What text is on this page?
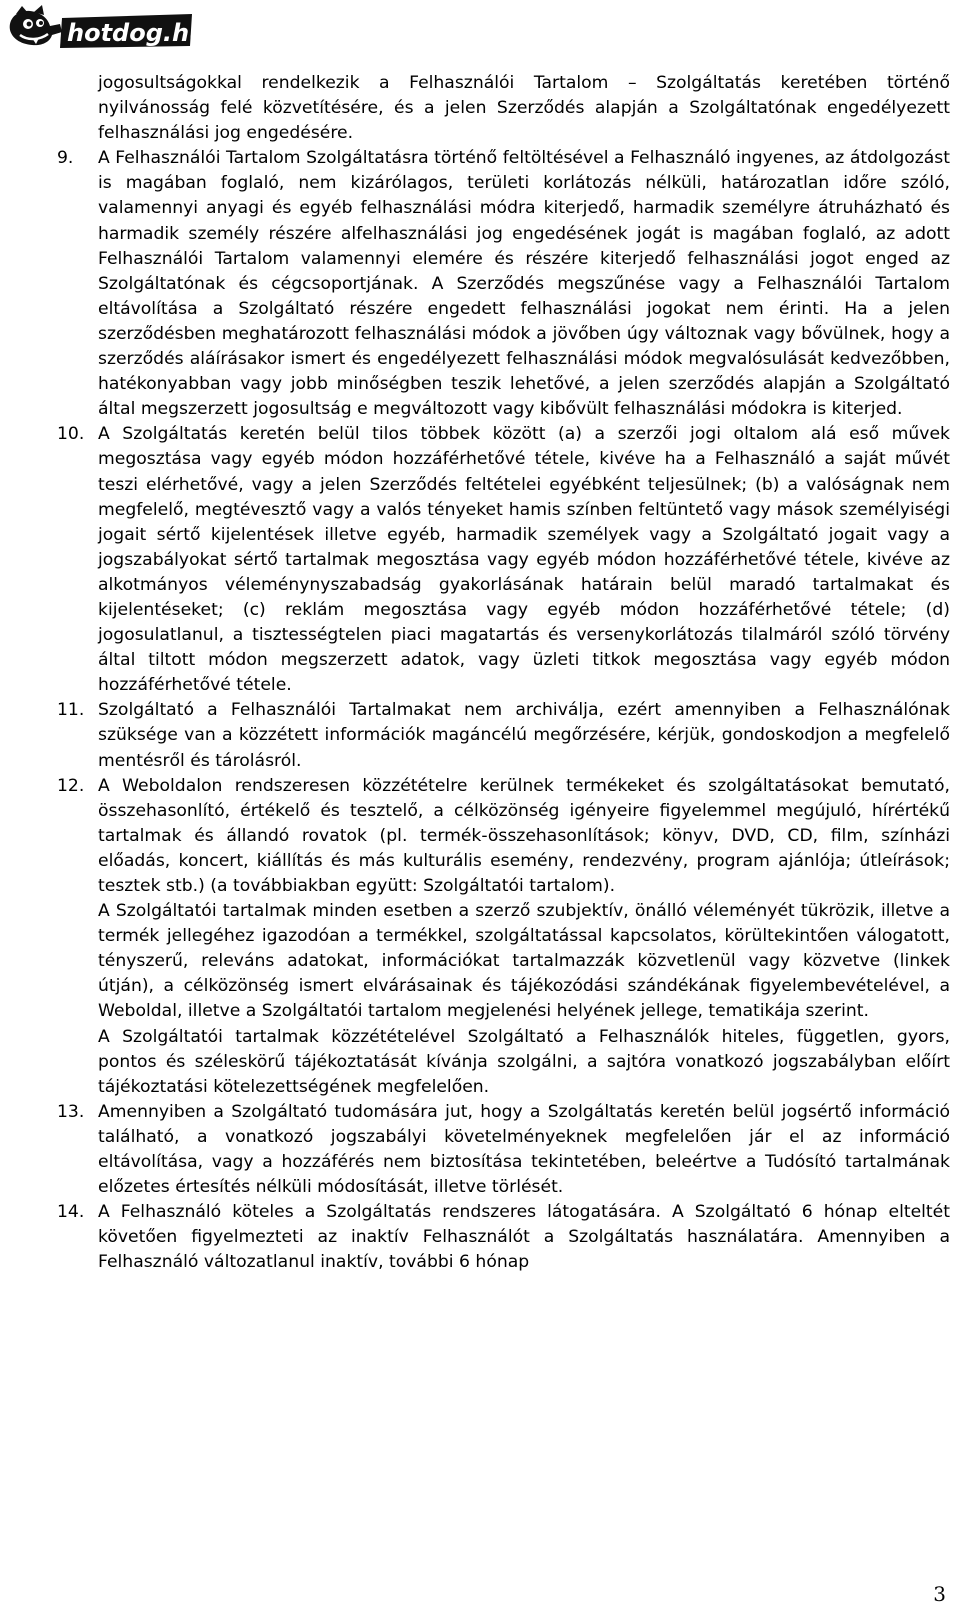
hotdog.hu

jogosultságokkal rendelkezik a Felhasználói Tartalom – Szolgáltatás keretében történő nyilvánosság felé közvetítésére, és a jelen Szerződés alapján a Szolgáltatónak engedélyezett felhasználási jog engedésére.

9.	A Felhasználói Tartalom Szolgáltatásra történő feltöltésével a Felhasználó ingyenes, az átdolgozást is magában foglaló, nem kizárólagos, területi korlátozás nélküli, határozatlan időre szóló, valamennyi anyagi és egyéb felhasználási módra kiterjedő, harmadik személyre átruházható és harmadik személy részére alfelhasználási jog engedésének jogát is magában foglaló, az adott Felhasználói Tartalom valamennyi elemére és részére kiterjedő felhasználási jogot enged az Szolgáltatónak és cégcsoportjának. A Szerződés megszűnése vagy a Felhasználói Tartalom eltávolítása a Szolgáltató részére engedett felhasználási jogokat nem érinti. Ha a jelen szerződésben meghatározott felhasználási módok a jövőben úgy változnak vagy bővülnek, hogy a szerződés aláírásakor ismert és engedélyezett felhasználási módok megvalósulását kedvezőbben, hatékonyabban vagy jobb minőségben teszik lehetővé, a jelen szerződés alapján a Szolgáltató által megszerzett jogosultság e megváltozott vagy kibővült felhasználási módokra is kiterjed.

10. A Szolgáltatás keretén belül tilos többek között (a) a szerzői jogi oltalom alá eső művek megosztása vagy egyéb módon hozzáférhetővé tétele, kivéve ha a Felhasználó a saját művét teszi elérhetővé, vagy a jelen Szerződés feltételei egyébként teljesülnek; (b) a valóságnak nem megfelelő, megtévesztő vagy a valós tényeket hamis színben feltüntető vagy mások személyiségi jogait sértő kijelentések illetve egyéb, harmadik személyek vagy a Szolgáltató jogait vagy a jogszabályokat sértő tartalmak megosztása vagy egyéb módon hozzáférhetővé tétele, kivéve az alkotmányos véleménynyszabadság gyakorlásának határain belül maradó tartalmakat és kijelentéseket; (c) reklám megosztása vagy egyéb módon hozzáférhetővé tétele; (d) jogosulatlanul, a tisztességtelen piaci magatartás és versenykorlátozás tilalmáról szóló törvény által tiltott módon megszerzett adatok, vagy üzleti titkok megosztása vagy egyéb módon hozzáférhetővé tétele.

11. Szolgáltató a Felhasználói Tartalmakat nem archiválja, ezért amennyiben a Felhasználónak szüksége van a közzétett információk magáncélú megőrzésére, kérjük, gondoskodjon a megfelelő mentésről és tárolásról.

12. A Weboldalon rendszeresen közzétételre kerülnek termékeket és szolgáltatásokat bemutató, összehasonlító, értékelő és tesztelő, a célközönség igényeire figyelemmel megújuló, hírértékű tartalmak és állandó rovatok (pl. termék-összehasonlítások; könyv, DVD, CD, film, színházi előadás, koncert, kiállítás és más kulturális esemény, rendezvény, program ajánlója; útleírások; tesztek stb.) (a továbbiakban együtt: Szolgáltatói tartalom).

A Szolgáltatói tartalmak minden esetben a szerző szubjektív, önálló véleményét tükrözik, illetve a termék jellegéhez igazodóan a termékkel, szolgáltatással kapcsolatos, körültekintően válogatott, tényszerű, releváns adatokat, információkat tartalmazzák közvetlenül vagy közvetve (linkek útján), a célközönség ismert elvárásainak és tájékozódási szándékának figyelembevételével, a Weboldal, illetve a Szolgáltatói tartalom megjelenési helyének jellege, tematikája szerint.

A Szolgáltatói tartalmak közzétételével Szolgáltató a Felhasználók hiteles, független, gyors, pontos és széleskörű tájékoztatását kívánja szolgálni, a sajtóra vonatkozó jogszabályban előírt tájékoztatási kötelezettségének megfelelően.

13. Amennyiben a Szolgáltató tudomására jut, hogy a Szolgáltatás keretén belül jogsértő információ található, a vonatkozó jogszabályi követelményeknek megfelelően jár el az információ eltávolítása, vagy a hozzáférés nem biztosítása tekintetében, beleértve a Tudósító tartalmának előzetes értesítés nélküli módosítását, illetve törlését.

14. A Felhasználó köteles a Szolgáltatás rendszeres látogatására. A Szolgáltató 6 hónap elteltét követően figyelmezteti az inaktív Felhasználót a Szolgáltatás használatára. Amennyiben a Felhasználó változatlanul inaktív, további 6 hónap

3
